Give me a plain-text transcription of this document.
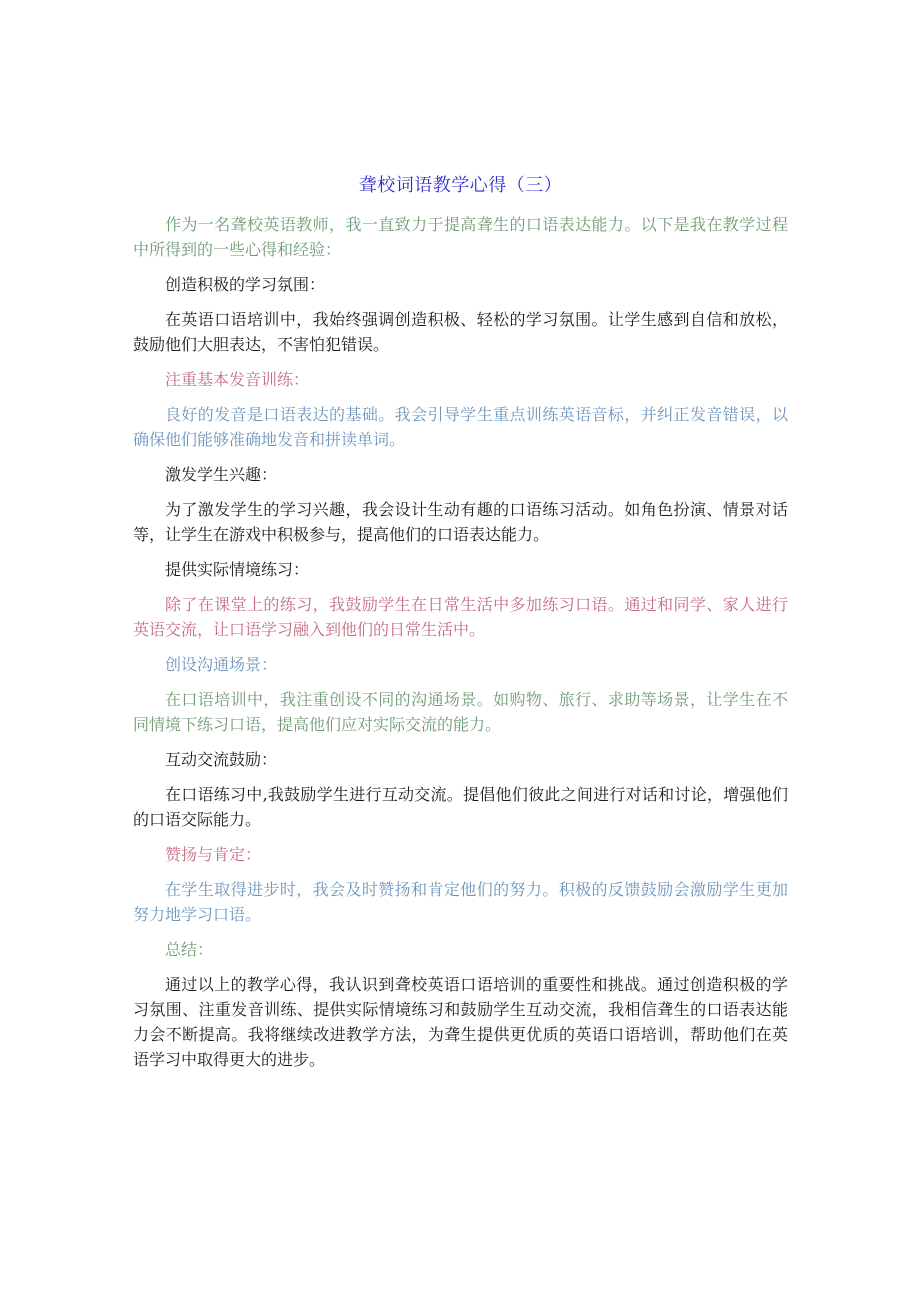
聋校词语教学心得（三）

作为一名聋校英语教师，我一直致力于提高聋生的口语表达能力。以下是我在教学过程中所得到的一些心得和经验：

创造积极的学习氛围：

在英语口语培训中，我始终强调创造积极、轻松的学习氛围。让学生感到自信和放松，鼓励他们大胆表达，不害怕犯错误。

注重基本发音训练：

良好的发音是口语表达的基础。我会引导学生重点训练英语音标，并纠正发音错误，以确保他们能够准确地发音和拼读单词。

激发学生兴趣：

为了激发学生的学习兴趣，我会设计生动有趣的口语练习活动。如角色扮演、情景对话等，让学生在游戏中积极参与，提高他们的口语表达能力。

提供实际情境练习：

除了在课堂上的练习，我鼓励学生在日常生活中多加练习口语。通过和同学、家人进行英语交流，让口语学习融入到他们的日常生活中。

创设沟通场景：

在口语培训中，我注重创设不同的沟通场景。如购物、旅行、求助等场景，让学生在不同情境下练习口语，提高他们应对实际交流的能力。

互动交流鼓励：

在口语练习中,我鼓励学生进行互动交流。提倡他们彼此之间进行对话和讨论，增强他们的口语交际能力。

赞扬与肯定：

在学生取得进步时，我会及时赞扬和肯定他们的努力。积极的反馈鼓励会激励学生更加努力地学习口语。

总结：

通过以上的教学心得，我认识到聋校英语口语培训的重要性和挑战。通过创造积极的学习氛围、注重发音训练、提供实际情境练习和鼓励学生互动交流，我相信聋生的口语表达能力会不断提高。我将继续改进教学方法，为聋生提供更优质的英语口语培训，帮助他们在英语学习中取得更大的进步。
